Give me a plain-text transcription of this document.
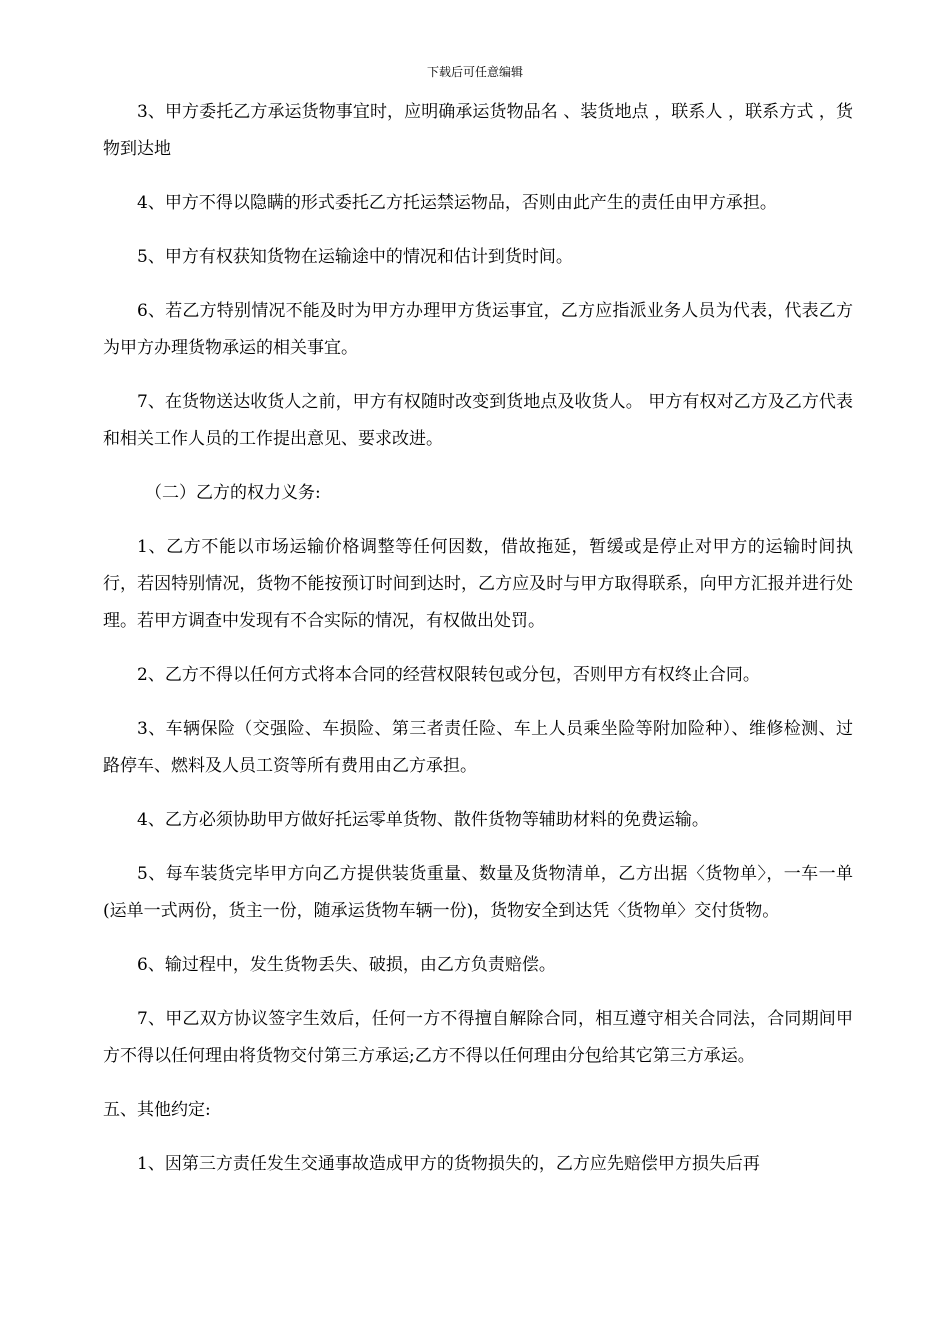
下载后可任意编辑

3、甲方委托乙方承运货物事宜时，应明确承运货物品名 、装货地点 ，联系人 ，联系方式 ，货物到达地

4、甲方不得以隐瞒的形式委托乙方托运禁运物品，否则由此产生的责任由甲方承担。

5、甲方有权获知货物在运输途中的情况和估计到货时间。

6、若乙方特别情况不能及时为甲方办理甲方货运事宜，乙方应指派业务人员为代表，代表乙方为甲方办理货物承运的相关事宜。

7、在货物送达收货人之前，甲方有权随时改变到货地点及收货人。 甲方有权对乙方及乙方代表和相关工作人员的工作提出意见、要求改进。

（二）乙方的权力义务:

1、乙方不能以市场运输价格调整等任何因数，借故拖延，暂缓或是停止对甲方的运输时间执行，若因特别情况，货物不能按预订时间到达时，乙方应及时与甲方取得联系，向甲方汇报并进行处理。若甲方调查中发现有不合实际的情况，有权做出处罚。

2、乙方不得以任何方式将本合同的经营权限转包或分包，否则甲方有权终止合同。

3、车辆保险（交强险、车损险、第三者责任险、车上人员乘坐险等附加险种）、维修检测、过路停车、燃料及人员工资等所有费用由乙方承担。

4、乙方必须协助甲方做好托运零单货物、散件货物等辅助材料的免费运输。

5、每车装货完毕甲方向乙方提供装货重量、数量及货物清单，乙方出据〈货物单〉，一车一单(运单一式两份，货主一份，随承运货物车辆一份)，货物安全到达凭〈货物单〉交付货物。

6、输过程中，发生货物丢失、破损，由乙方负责赔偿。

7、甲乙双方协议签字生效后，任何一方不得擅自解除合同，相互遵守相关合同法，合同期间甲方不得以任何理由将货物交付第三方承运;乙方不得以任何理由分包给其它第三方承运。

五、其他约定:

1、因第三方责任发生交通事故造成甲方的货物损失的，乙方应先赔偿甲方损失后再
